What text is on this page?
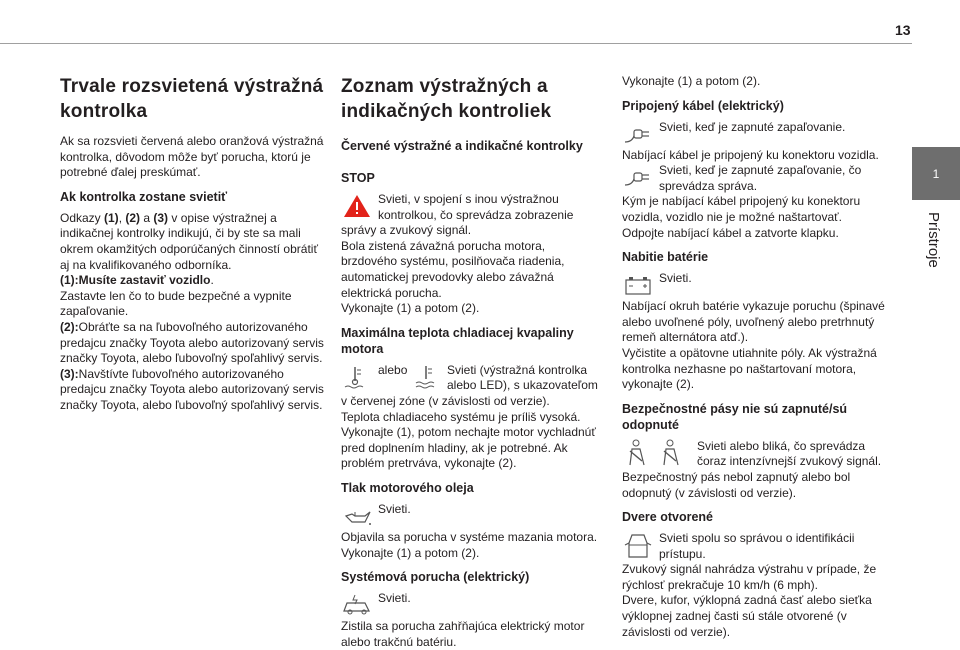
13
1
Prístroje
Trvale rozsvietená výstražná kontrolka

Ak sa rozsvieti červená alebo oranžová výstražná kontrolka, dôvodom môže byť porucha, ktorú je potrebné ďalej preskúmať.

Ak kontrolka zostane svietiť

Odkazy (1), (2) a (3) v opise výstražnej a indikačnej kontrolky indikujú, či by ste sa mali okrem okamžitých odporúčaných činností obrátiť aj na kvalifikovaného odborníka.

(1):Musíte zastaviť vozidlo.

Zastavte len čo to bude bezpečné a vypnite zapaľovanie.

(2):Obráťte sa na ľubovoľného autorizovaného predajcu značky Toyota alebo autorizovaný servis značky Toyota, alebo ľubovoľný spoľahlivý servis.

(3):Navštívte ľubovoľného autorizovaného predajcu značky Toyota alebo autorizovaný servis značky Toyota, alebo ľubovoľný spoľahlivý servis.

Zoznam výstražných a indikačných kontroliek
Červené výstražné a indikačné kontrolky
STOP

Svieti, v spojení s inou výstražnou kontrolkou, čo sprevádza zobrazenie správy a zvukový signál.

Bola zistená závažná porucha motora, brzdového systému, posilňovača riadenia, automatickej prevodovky alebo závažná elektrická porucha.

Vykonajte (1) a potom (2).

Maximálna teplota chladiacej kvapaliny motora
alebo	Svieti (výstražná kontrolka alebo LED), s ukazovateľom v červenej zóne (v závislosti od verzie).

Teplota chladiaceho systému je príliš vysoká.

Vykonajte (1), potom nechajte motor vychladnúť pred doplnením hladiny, ak je potrebné. Ak problém pretrváva, vykonajte (2).

Tlak motorového oleja

Svieti.

Objavila sa porucha v systéme mazania motora.

Vykonajte (1) a potom (2).

Systémová porucha (elektrický)

Svieti.

Zistila sa porucha zahřňajúca elektrický motor alebo trakčnú batériu.

Vykonajte (1) a potom (2).

Pripojený kábel (elektrický)

Svieti, keď je zapnuté zapaľovanie.

Nabíjací kábel je pripojený ku konektoru vozidla.

Svieti, keď je zapnuté zapaľovanie, čo sprevádza správa.

Kým je nabíjací kábel pripojený ku konektoru vozidla, vozidlo nie je možné naštartovať.

Odpojte nabíjací kábel a zatvorte klapku.

Nabitie batérie

Svieti.

Nabíjací okruh batérie vykazuje poruchu (špinavé alebo uvoľnené póly, uvoľnený alebo pretrhnutý remeň alternátora atď.).

Vyčistite a opätovne utiahnite póly. Ak výstražná kontrolka nezhasne po naštartovaní motora, vykonajte (2).

Bezpečnostné pásy nie sú zapnuté/sú odopnuté

Svieti alebo bliká, čo sprevádza čoraz intenzívnejší zvukový signál.

Bezpečnostný pás nebol zapnutý alebo bol odopnutý (v závislosti od verzie).

Dvere otvorené

Svieti spolu so správou o identifikácii prístupu.

Zvukový signál nahrádza výstrahu v prípade, že rýchlosť prekračuje 10 km/h (6 mph).

Dvere, kufor, výklopná zadná časť alebo sieťka výklopnej zadnej časti sú stále otvorené (v závislosti od verzie).
